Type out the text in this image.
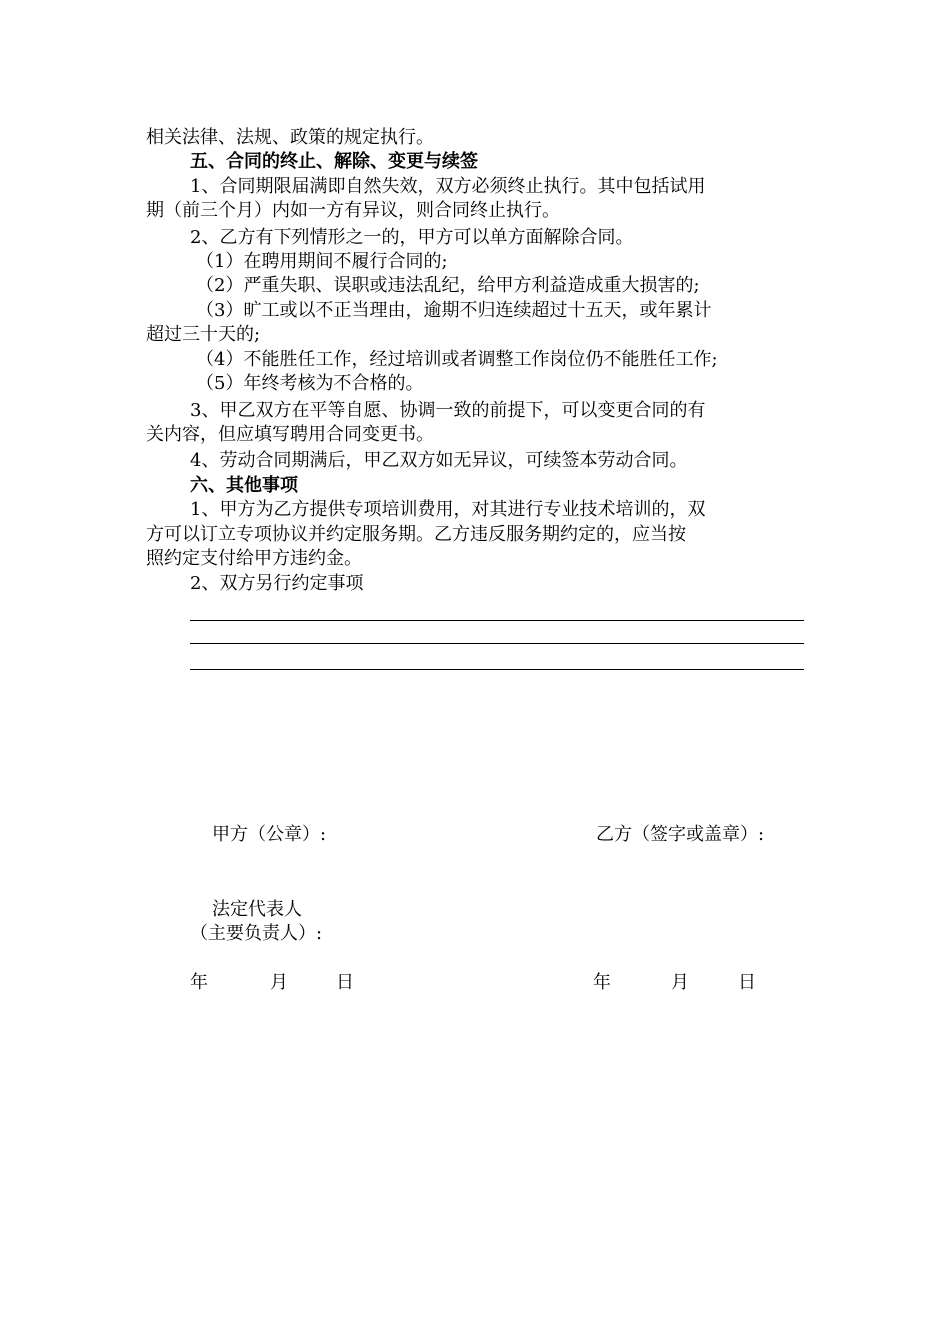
相关法律、法规、政策的规定执行。
五、合同的终止、解除、变更与续签
1、合同期限届满即自然失效，双方必须终止执行。其中包括试用
期（前三个月）内如一方有异议，则合同终止执行。
2、乙方有下列情形之一的，甲方可以单方面解除合同。
（1）在聘用期间不履行合同的;
（2）严重失职、误职或违法乱纪，给甲方利益造成重大损害的;
（3）旷工或以不正当理由，逾期不归连续超过十五天，或年累计
超过三十天的;
（4）不能胜任工作，经过培训或者调整工作岗位仍不能胜任工作;
（5）年终考核为不合格的。
3、甲乙双方在平等自愿、协调一致的前提下，可以变更合同的有
关内容，但应填写聘用合同变更书。
4、劳动合同期满后，甲乙双方如无异议，可续签本劳动合同。
六、其他事项
1、甲方为乙方提供专项培训费用，对其进行专业技术培训的，双
方可以订立专项协议并约定服务期。乙方违反服务期约定的，应当按
照约定支付给甲方违约金。
2、双方另行约定事项
甲方（公章）:	乙方（签字或盖章）:
法定代表人
（主要负责人）:
年	月	日	年	月	日
